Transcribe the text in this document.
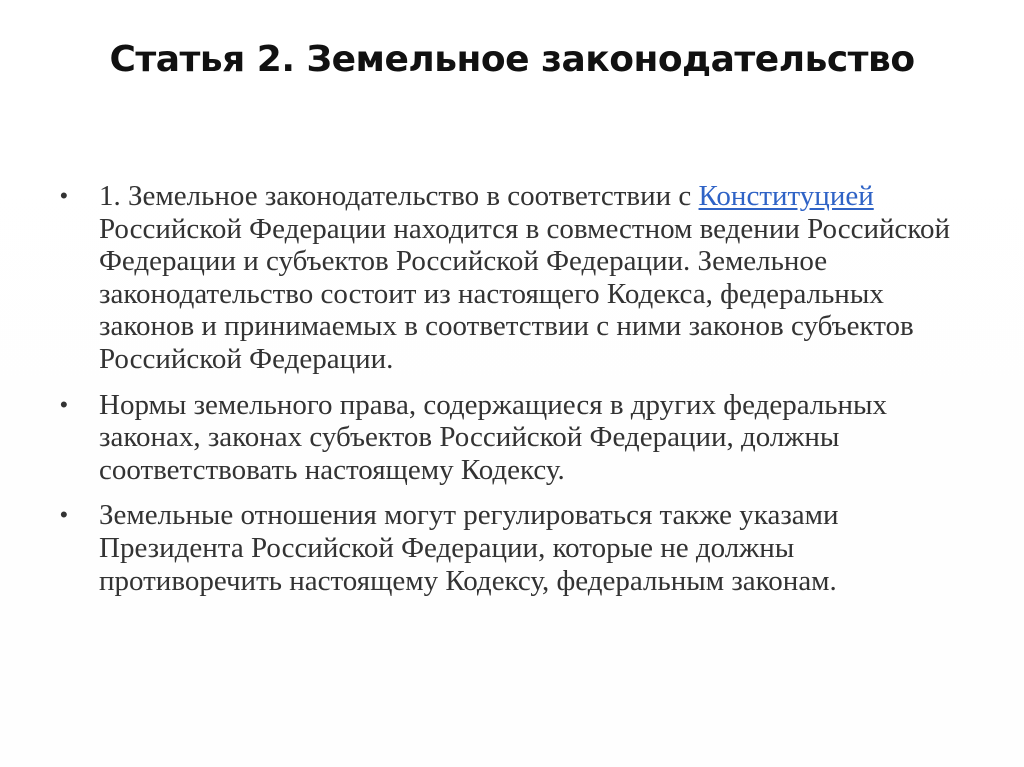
Статья 2. Земельное законодательство
• 1. Земельное законодательство в соответствии с Конституцией Российской Федерации находится в совместном ведении Российской Федерации и субъектов Российской Федерации. Земельное законодательство состоит из настоящего Кодекса, федеральных законов и принимаемых в соответствии с ними законов субъектов Российской Федерации.
• Нормы земельного права, содержащиеся в других федеральных законах, законах субъектов Российской Федерации, должны соответствовать настоящему Кодексу.
• Земельные отношения могут регулироваться также указами Президента Российской Федерации, которые не должны противоречить настоящему Кодексу, федеральным законам.
